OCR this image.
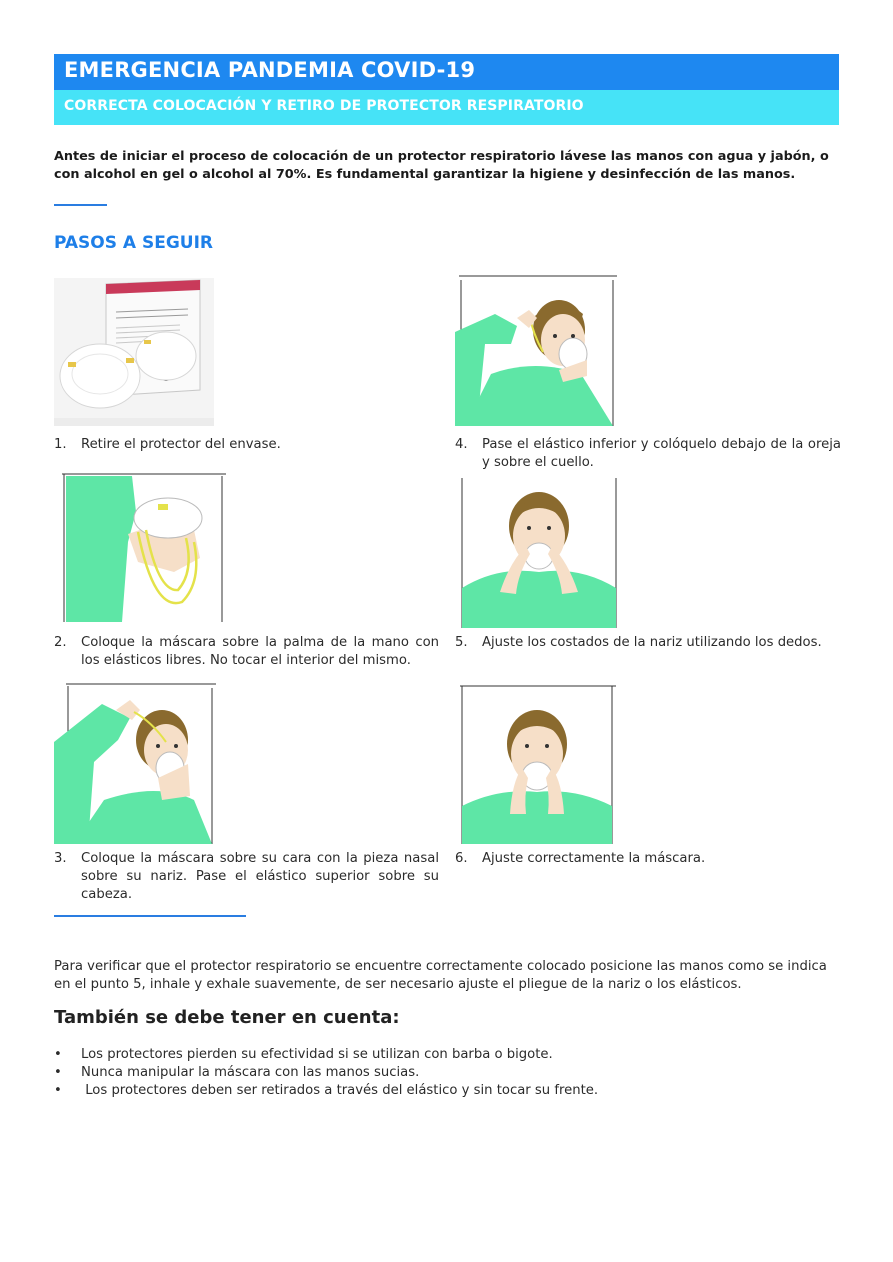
EMERGENCIA PANDEMIA COVID-19
CORRECTA COLOCACIÓN Y RETIRO DE PROTECTOR RESPIRATORIO

Antes de iniciar el proceso de colocación de un protector respiratorio lávese las manos con agua y jabón, o con alcohol en gel o alcohol al 70%. Es fundamental garantizar la higiene y desinfección de las manos.

PASOS A SEGUIR
1. Retire el protector del envase.
2. Coloque la máscara sobre la palma de la mano con los elásticos libres. No tocar el interior del mismo.
3. Coloque la máscara sobre su cara con la pieza nasal sobre su nariz. Pase el elástico superior sobre su cabeza.
4. Pase el elástico inferior y colóquelo debajo de la oreja y sobre el cuello.
5. Ajuste los costados de la nariz utilizando los dedos.
6. Ajuste correctamente la máscara.

Para verificar que el protector respiratorio se encuentre correctamente colocado posicione las manos como se indica en el punto 5, inhale y exhale suavemente, de ser necesario ajuste el pliegue de la nariz o los elásticos.

También se debe tener en cuenta:
• Los protectores pierden su efectividad si se utilizan con barba o bigote.
• Nunca manipular la máscara con las manos sucias.
• Los protectores deben ser retirados a través del elástico y sin tocar su frente.
